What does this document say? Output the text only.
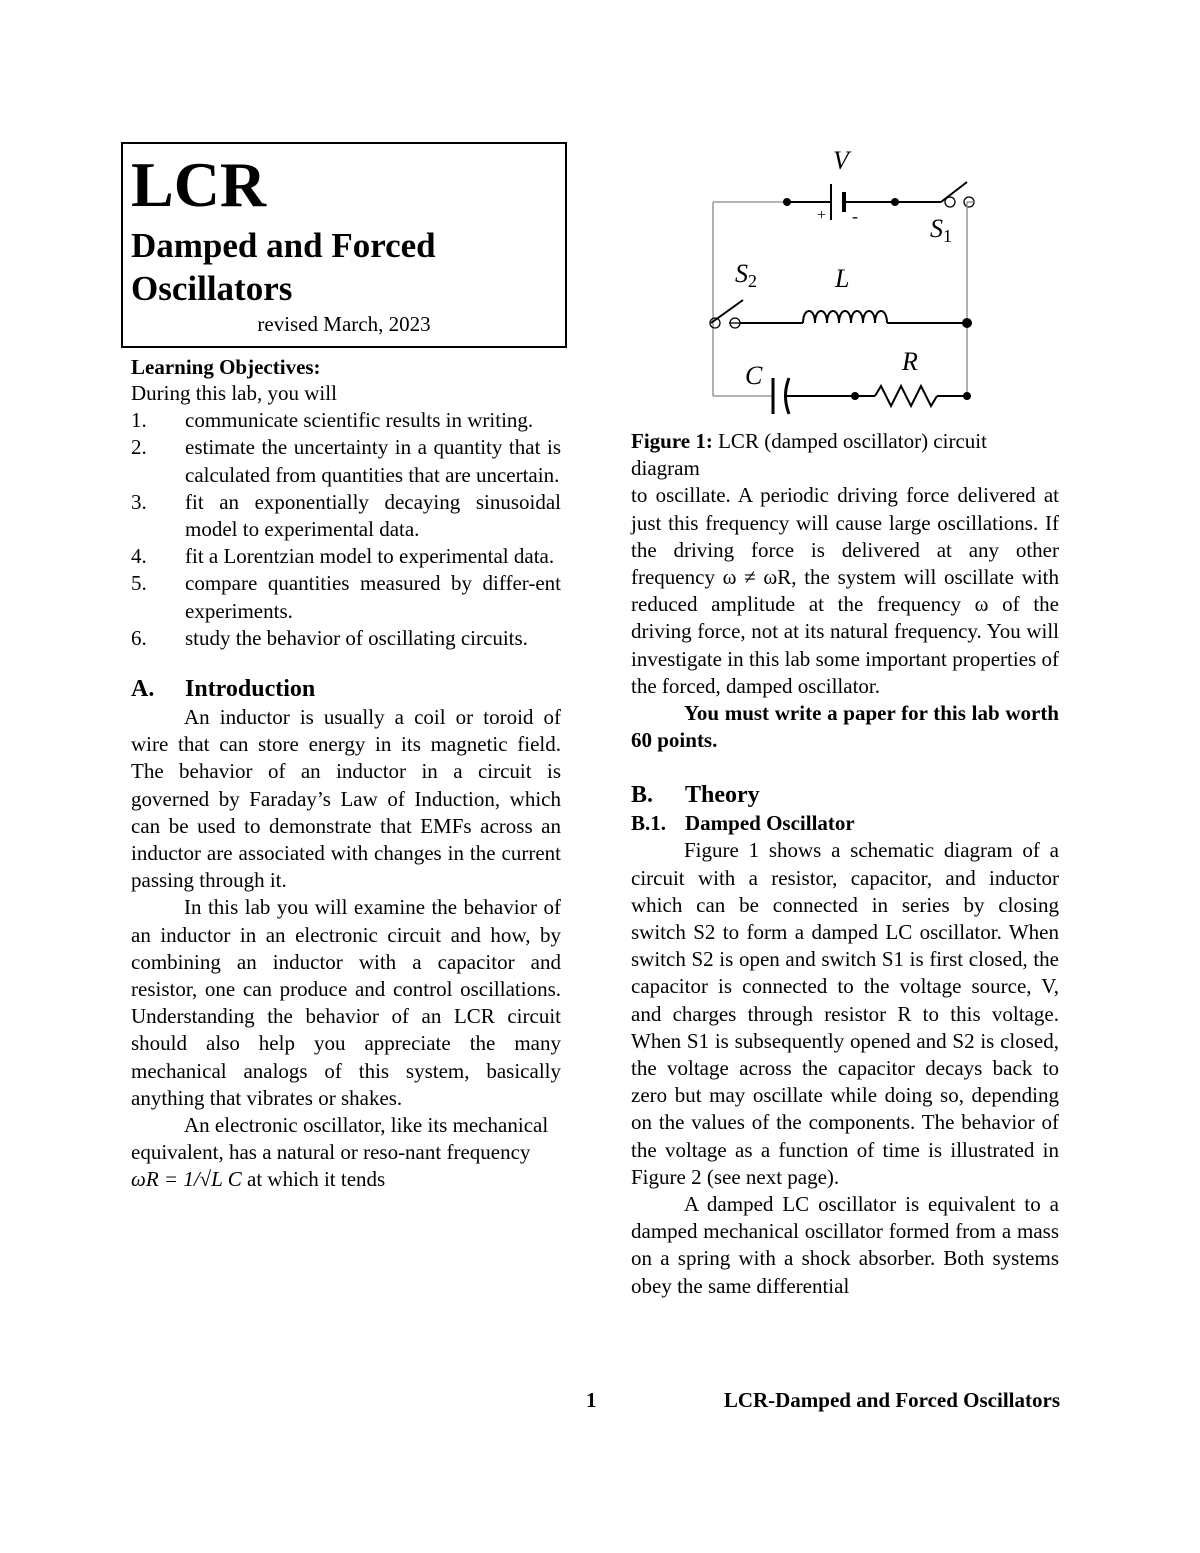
LCR
Damped and Forced Oscillators
revised March, 2023
Learning Objectives:

During this lab, you will

1.	communicate scientific results in writing.
2.	estimate the uncertainty in a quantity that is calculated from quantities that are uncertain.
3.	fit an exponentially decaying sinusoidal model to experimental data.
4.	fit a Lorentzian model to experimental data.
5.	compare quantities measured by differ-ent experiments.
6.	study the behavior of oscillating circuits.
A.	Introduction

An inductor is usually a coil or toroid of wire that can store energy in its magnetic field. The behavior of an inductor in a circuit is governed by Faraday’s Law of Induction, which can be used to demonstrate that EMFs across an inductor are associated with changes in the current passing through it.

In this lab you will examine the behavior of an inductor in an electronic circuit and how, by combining an inductor with a capacitor and resistor, one can produce and control oscillations. Understanding the behavior of an LCR circuit should also help you appreciate the many mechanical analogs of this system, basically anything that vibrates or shakes.

An electronic oscillator, like its mechanical equivalent, has a natural or reso-nant frequency ωR = 1/√L C at which it tends

V
+ -	S1
S2	L
C	R

Figure 1: LCR (damped oscillator) circuit diagram

to oscillate. A periodic driving force delivered at just this frequency will cause large oscillations. If the driving force is delivered at any other frequency ω ≠ ωR, the system will oscillate with reduced amplitude at the frequency ω of the driving force, not at its natural frequency. You will investigate in this lab some important properties of the forced, damped oscillator.

You must write a paper for this lab worth 60 points.

B.	Theory
B.1. Damped Oscillator

Figure 1 shows a schematic diagram of a circuit with a resistor, capacitor, and inductor which can be connected in series by closing switch S2 to form a damped LC oscillator. When switch S2 is open and switch S1 is first closed, the capacitor is connected to the voltage source, V, and charges through resistor R to this voltage. When S1 is subsequently opened and S2 is closed, the voltage across the capacitor decays back to zero but may oscillate while doing so, depending on the values of the components. The behavior of the voltage as a function of time is illustrated in Figure 2 (see next page).

A damped LC oscillator is equivalent to a damped mechanical oscillator formed from a mass on a spring with a shock absorber. Both systems obey the same differential

1	LCR-Damped and Forced Oscillators
